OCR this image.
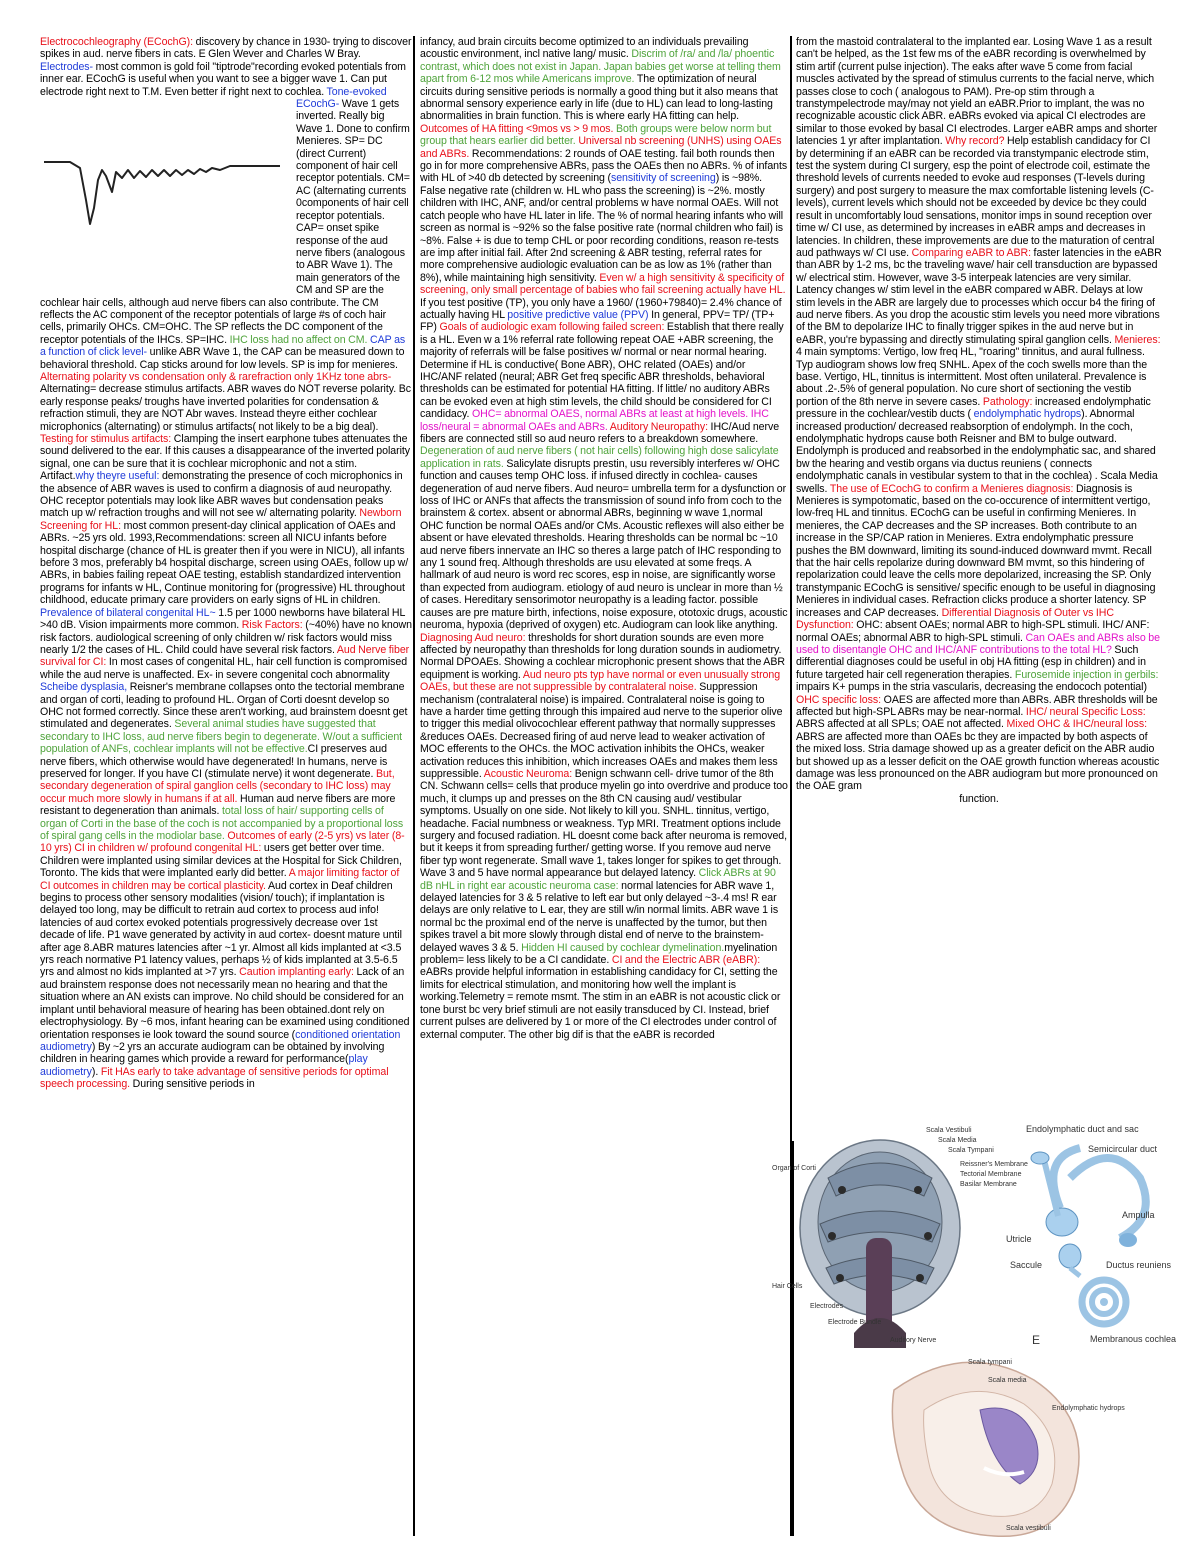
Electrocochleography (ECochG): discovery by chance in 1930- trying to discover spikes in aud. nerve fibers in cats. E Glen Wever and Charles W Bray. Electrodes- most common is gold foil "tiptrode"recording evoked potentials from inner ear. ECochG is useful when you want to see a bigger wave 1. Can put electrode right next to T.M. Even better if right next to cochlea. Tone-evoked ECochG-
Wave 1 gets inverted. Really big Wave 1. Done to confirm Menieres. SP= DC (direct Current) component of hair cell receptor potentials. CM= AC (alternating currents 0components of hair cell receptor potentials. CAP= onset spike response of the aud nerve fibers (analogous to ABR Wave 1). The main generators of the CM and SP are the cochlear hair cells, although aud nerve fibers can also contribute. The CM reflects the AC component of the receptor potentials of large #s of coch hair cells, primarily OHCs. CM=OHC. The SP reflects the DC component of the receptor potentials of the IHCs. SP=IHC. IHC loss had no affect on CM. CAP as a function of click level- unlike ABR Wave 1, the CAP can be measured down to behavioral threshold. Cap sticks around for low levels. SP is imp for menieres. Alternating polarity vs condensation only & rarefraction only 1KHz tone abrs- Alternating= decrease stimulus artifacts. ABR waves do NOT reverse polarity. Bc early response peaks/ troughs have inverted polarities for condensation & refraction stimuli, they are NOT Abr waves. Instead theyre either cochlear microphonics (alternating) or stimulus artifacts( not likely to be a big deal). Testing for stimulus artifacts: Clamping the insert earphone tubes attenuates the sound delivered to the ear. If this causes a disappearance of the inverted polarity signal, one can be sure that it is cochlear microphonic and not a stim. Artifact.why theyre useful: demonstrating the presence of coch microphonics in the absence of ABR waves is used to confirm a diagnosis of aud neuropathy. OHC receptor potentials may look like ABR waves but condensation peaks match up w/ refraction troughs and will not see w/ alternating polarity. Newborn Screening for HL: most common present-day clinical application of OAEs and ABRs. ~25 yrs old. 1993,Recommendations: screen all NICU infants before hospital discharge (chance of HL is greater then if you were in NICU), all infants before 3 mos, preferably b4 hospital discharge, screen using OAEs, follow up w/ ABRs, in babies failing repeat OAE testing, establish standardized intervention programs for infants w HL, Continue monitoring for (progressive) HL throughout childhood, educate primary care providers on early signs of HL in children. Prevalence of bilateral congenital HL~ 1.5 per 1000 newborns have bilateral HL >40 dB. Vision impairments more common. Risk Factors: (~40%) have no known risk factors. audiological screening of only children w/ risk factors would miss nearly 1/2 the cases of HL. Child could have several risk factors. Aud Nerve fiber survival for CI: In most cases of congenital HL, hair cell function is compromised while the aud nerve is unaffected. Ex- in severe congenital coch abnormality Scheibe dysplasia, Reisner's membrane collapses onto the tectorial membrane and organ of corti, leading to profound HL. Organ of Corti doesnt develop so OHC not formed correctly. Since these aren't working, aud brainstem doesnt get stimulated and degenerates. Several animal studies have suggested that secondary to IHC loss, aud nerve fibers begin to degenerate. W/out a sufficient population of ANFs, cochlear implants will not be effective.CI preserves aud nerve fibers, which otherwise would have degenerated! In humans, nerve is preserved for longer. If you have CI (stimulate nerve) it wont degenerate. But, secondary degeneration of spiral ganglion cells (secondary to IHC loss) may occur much more slowly in humans if at all. Human aud nerve fibers are more resistant to degeneration than animals. total loss of hair/ supporting cells of organ of Corti in the base of the coch is not accompanied by a proportional loss of spiral gang cells in the modiolar base. Outcomes of early (2-5 yrs) vs later (8-10 yrs) CI in children w/ profound congenital HL: users get better over time. Children were implanted using similar devices at the Hospital for Sick Children, Toronto. The kids that were implanted early did better. A major limiting factor of CI outcomes in children may be cortical plasticity. Aud cortex in Deaf children begins to process other sensory modalities (vision/ touch); if implantation is delayed too long, may be difficult to retrain aud cortex to process aud info! latencies of aud cortex evoked potentials progressively decrease over 1st decade of life. P1 wave generated by activity in aud cortex- doesnt mature until after age 8.ABR matures latencies after ~1 yr. Almost all kids implanted at <3.5 yrs reach normative P1 latency values, perhaps ½ of kids implanted at 3.5-6.5 yrs and almost no kids implanted at >7 yrs. Caution implanting early: Lack of an aud brainstem response does not necessarily mean no hearing and that the situation where an AN exists can improve. No child should be considered for an implant until behavioral measure of hearing has been obtained.dont rely on electrophysiology. By ~6 mos, infant hearing can be examined using conditioned orientation responses ie look toward the sound source (conditioned orientation audiometry) By ~2 yrs an accurate audiogram can be obtained by involving children in hearing games which provide a reward for performance(play audiometry). Fit HAs early to take advantage of sensitive periods for optimal speech processing. During sensitive periods in

infancy, aud brain circuits become optimized to an individuals prevailing acoustic environment, incl native lang/ music. Discrim of /ra/ and /la/ phoentic contrast, which does not exist in Japan. Japan babies get worse at telling them apart from 6-12 mos while Americans improve. The optimization of neural circuits during sensitive periods is normally a good thing but it also means that abnormal sensory experience early in life (due to HL) can lead to long-lasting abnormalities in brain function. This is where early HA fitting can help. Outcomes of HA fitting <9mos vs > 9 mos. Both groups were below norm but group that hears earlier did better. Universal nb screening (UNHS) using OAEs and ABRs. Recommendations: 2 rounds of OAE testing. fail both rounds then go in for more comprehensive ABRs, pass the OAEs then no ABRs. % of infants with HL of >40 db detected by screening (sensitivity of screening) is ~98%. False negative rate (children w. HL who pass the screening) is ~2%. mostly children with IHC, ANF, and/or central problems w have normal OAEs. Will not catch people who have HL later in life. The % of normal hearing infants who will screen as normal is ~92% so the false positive rate (normal children who fail) is ~8%. False + is due to temp CHL or poor recording conditions, reason re-tests are imp after initial fail. After 2nd screening & ABR testing, referral rates for more comprehensive audiologic evaluation can be as low as 1% (rather than 8%), while maintaining high sensitivity. Even w/ a high sensitivity & specificity of screening, only small percentage of babies who fail screening actually have HL. If you test positive (TP), you only have a 1960/ (1960+79840)= 2.4% chance of actually having HL positive predictive value (PPV) In general, PPV= TP/ (TP+ FP) Goals of audiologic exam following failed screen: Establish that there really is a HL. Even w a 1% referral rate following repeat OAE +ABR screening, the majority of referrals will be false positives w/ normal or near normal hearing. Determine if HL is conductive( Bone ABR), OHC related (OAEs) and/or IHC/ANF related (neural; ABR Get freq specific ABR thresholds, behavioral thresholds can be estimated for potential HA fitting. If little/ no auditory ABRs can be evoked even at high stim levels, the child should be considered for CI candidacy. OHC= abnormal OAES, normal ABRs at least at high levels. IHC loss/neural = abnormal OAEs and ABRs. Auditory Neuropathy: IHC/Aud nerve fibers are connected still so aud neuro refers to a breakdown somewhere. Degeneration of aud nerve fibers ( not hair cells) following high dose salicylate application in rats. Salicylate disrupts prestin, usu reversibly interferes w/ OHC function and causes temp OHC loss. if infused directly in cochlea- causes degeneration of aud nerve fibers. Aud neuro= umbrella term for a dysfunction or loss of IHC or ANFs that affects the transmission of sound info from coch to the brainstem & cortex. absent or abnormal ABRs, beginning w wave 1,normal OHC function be normal OAEs and/or CMs. Acoustic reflexes will also either be absent or have elevated thresholds. Hearing thresholds can be normal bc ~10 aud nerve fibers innervate an IHC so theres a large patch of IHC responding to any 1 sound freq. Although thresholds are usu elevated at some freqs. A hallmark of aud neuro is word rec scores, esp in noise, are significantly worse than expected from audiogram. etiology of aud neuro is unclear in more than ½ of cases. Hereditary sensorimotor neuropathy is a leading factor. possible causes are pre mature birth, infections, noise exposure, ototoxic drugs, acoustic neuroma, hypoxia (deprived of oxygen) etc. Audiogram can look like anything. Diagnosing Aud neuro: thresholds for short duration sounds are even more affected by neuropathy than thresholds for long duration sounds in audiometry. Normal DPOAEs. Showing a cochlear microphonic present shows that the ABR equipment is working. Aud neuro pts typ have normal or even unusually strong OAEs, but these are not suppressible by contralateral noise. Suppression mechanism (contralateral noise) is impaired. Contralateral noise is going to have a harder time getting through this impaired aud nerve to the superior olive to trigger this medial olivocochlear efferent pathway that normally suppresses &reduces OAEs. Decreased firing of aud nerve lead to weaker activation of MOC efferents to the OHCs. the MOC activation inhibits the OHCs, weaker activation reduces this inhibition, which increases OAEs and makes them less suppressible. Acoustic Neuroma: Benign schwann cell- drive tumor of the 8th CN. Schwann cells= cells that produce myelin go into overdrive and produce too much, it clumps up and presses on the 8th CN causing aud/ vestibular symptoms. Usually on one side. Not likely to kill you. SNHL. tinnitus, vertigo, headache. Facial numbness or weakness. Typ MRI. Treatment options include surgery and focused radiation. HL doesnt come back after neuroma is removed, but it keeps it from spreading further/ getting worse. If you remove aud nerve fiber typ wont regenerate. Small wave 1, takes longer for spikes to get through. Wave 3 and 5 have normal appearance but delayed latency. Click ABRs at 90 dB nHL in right ear acoustic neuroma case: normal latencies for ABR wave 1, delayed latencies for 3 & 5 relative to left ear but only delayed ~3-.4 ms! R ear delays are only relative to L ear, they are still w/in normal limits. ABR wave 1 is normal bc the proximal end of the nerve is unaffected by the tumor, but then spikes travel a bit more slowly through distal end of nerve to the brainstem- delayed waves 3 & 5. Hidden HI caused by cochlear dymelination.myelination problem= less likely to be a CI candidate. CI and the Electric ABR (eABR): eABRs provide helpful information in establishing candidacy for CI, setting the limits for electrical stimulation, and monitoring how well the implant is working.Telemetry = remote msmt. The stim in an eABR is not acoustic click or tone burst bc very brief stimuli are not easily transduced by CI. Instead, brief current pulses are delivered by 1 or more of the CI electrodes under control of external computer. The other big dif is that the eABR is recorded

from the mastoid contralateral to the implanted ear. Losing Wave 1 as a result can't be helped, as the 1st few ms of the eABR recording is overwhelmed by stim artif (current pulse injection). The eaks after wave 5 come from facial muscles activated by the spread of stimulus currents to the facial nerve, which passes close to coch ( analogous to PAM). Pre-op stim through a transtympelectrode may/may not yield an eABR.Prior to implant, the was no recognizable acoustic click ABR. eABRs evoked via apical CI electrodes are similar to those evoked by basal CI electrodes. Larger eABR amps and shorter latencies 1 yr after implantation. Why record? Help establish candidacy for CI by determining if an eABR can be recorded via transtympanic electrode stim, test the system during CI surgery, esp the point of electrode coil, estimate the threshold levels of currents needed to evoke aud responses (T-levels during surgery) and post surgery to measure the max comfortable listening levels (C-levels), current levels which should not be exceeded by device bc they could result in uncomfortably loud sensations, monitor imps in sound reception over time w/ CI use, as determined by increases in eABR amps and decreases in latencies. In children, these improvements are due to the maturation of central aud pathways w/ CI use. Comparing eABR to ABR: faster latencies in the eABR than ABR by 1-2 ms, bc the traveling wave/ hair cell transduction are bypassed w/ electrical stim. However, wave 3-5 interpeak latencies are very similar. Latency changes w/ stim level in the eABR compared w ABR. Delays at low stim levels in the ABR are largely due to processes which occur b4 the firing of aud nerve fibers. As you drop the acoustic stim levels you need more vibrations of the BM to depolarize IHC to finally trigger spikes in the aud nerve but in eABR, you're bypassing and directly stimulating spiral ganglion cells. Menieres: 4 main symptoms: Vertigo, low freq HL, "roaring" tinnitus, and aural fullness. Typ audiogram shows low freq SNHL. Apex of the coch swells more than the base. Vertigo, HL, tinnitus is intermittent. Most often unilateral. Prevalence is about .2-.5% of general population. No cure short of sectioning the vestib portion of the 8th nerve in severe cases. Pathology: increased endolymphatic pressure in the cochlear/vestib ducts ( endolymphatic hydrops). Abnormal increased production/ decreased reabsorption of endolymph. In the coch, endolymphatic hydrops cause both Reisner and BM to bulge outward. Endolymph is produced and reabsorbed in the endolymphatic sac, and shared bw the hearing and vestib organs via ductus reuniens ( connects endolymphatic canals in vestibular system to that in the cochlea) . Scala Media swells. The use of ECochG to confirm a Menieres diagnosis: Diagnosis is Menieres is sympotomatic, based on the co-occurence of intermittent vertigo, low-freq HL and tinnitus. ECochG can be useful in confirming Menieres. In menieres, the CAP decreases and the SP increases. Both contribute to an increase in the SP/CAP ration in Menieres. Extra endolymphatic pressure pushes the BM downward, limiting its sound-induced downward mvmt. Recall that the hair cells repolarize during downward BM mvmt, so this hindering of repolarization could leave the cells more depolarized, increasing the SP. Only transtympanic ECochG is sensitive/ specific enough to be useful in diagnosing Menieres in individual cases. Refraction clicks produce a shorter latency. SP increases and CAP decreases. Differential Diagnosis of Outer vs IHC Dysfunction: OHC: absent OAEs; normal ABR to high-SPL stimuli. IHC/ ANF: normal OAEs; abnormal ABR to high-SPL stimuli. Can OAEs and ABRs also be used to disentangle OHC and IHC/ANF contributions to the total HL? Such differential diagnoses could be useful in obj HA fitting (esp in children) and in future targeted hair cell regeneration therapies. Furosemide injection in gerbils: impairs K+ pumps in the stria vascularis, decreasing the endococh potential) OHC specific loss: OAES are affected more than ABRs. ABR thresholds will be affected but high-SPL ABRs may be near-normal. IHC/ neural Specific Loss: ABRS affected at all SPLs; OAE not affected. Mixed OHC & IHC/neural loss: ABRS are affected more than OAEs bc they are impacted by both aspects of the mixed loss. Stria damage showed up as a greater deficit on the ABR audio but showed up as a lesser deficit on the OAE growth function whereas acoustic damage was less pronounced on the ABR audiogram but more pronounced on the OAE gram

function.

Scala Vestibuli
Scala Media
Scala Tympani
Organ of Corti
Reissner's Membrane
Tectorial Membrane
Basilar Membrane
Hair Cells
Electrodes
Electrode Bundle
Auditory Nerve
Endolymphatic duct and sac
Semicircular duct
Ampulla
Utricle
Saccule	Ductus reuniens
Membranous cochlea
E
Scala tympani
Scala media
Endolymphatic hydrops
Scala vestibuli
